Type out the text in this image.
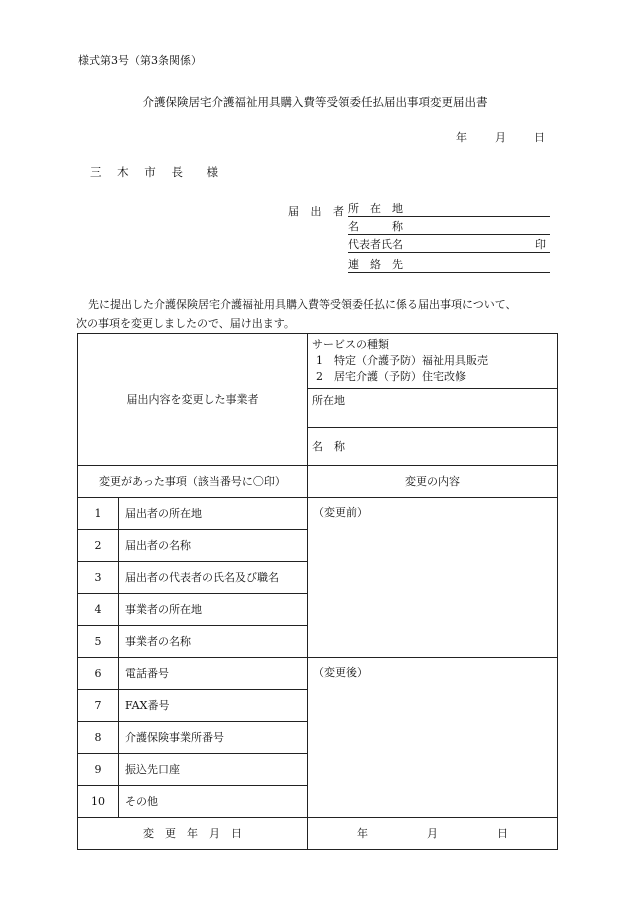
様式第3号（第3条関係）
介護保険居宅介護福祉用具購入費等受領委任払届出事項変更届出書
年	月	日
三 木 市 長　様
届 出 者 所　在　地
名　　　称
代表者氏名	印
連　絡　先
先に提出した介護保険居宅介護福祉用具購入費等受領委任払に係る届出事項について、
次の事項を変更しましたので、届け出ます。
届出内容を変更した事業者		サービスの種類
1　特定（介護予防）福祉用具販売
2　居宅介護（予防）住宅改修

		所在地
		名　称
変更があった事項（該当番号に〇印）		変更の内容
1	届出者の所在地	（変更前）
2	届出者の名称	
3	届出者の代表者の氏名及び職名	
4	事業者の所在地	
5	事業者の名称	
6	電話番号	（変更後）
7	FAX番号	
8	介護保険事業所番号	
9	振込先口座	
10	その他	
変　更　年　月　日		年 月 日
